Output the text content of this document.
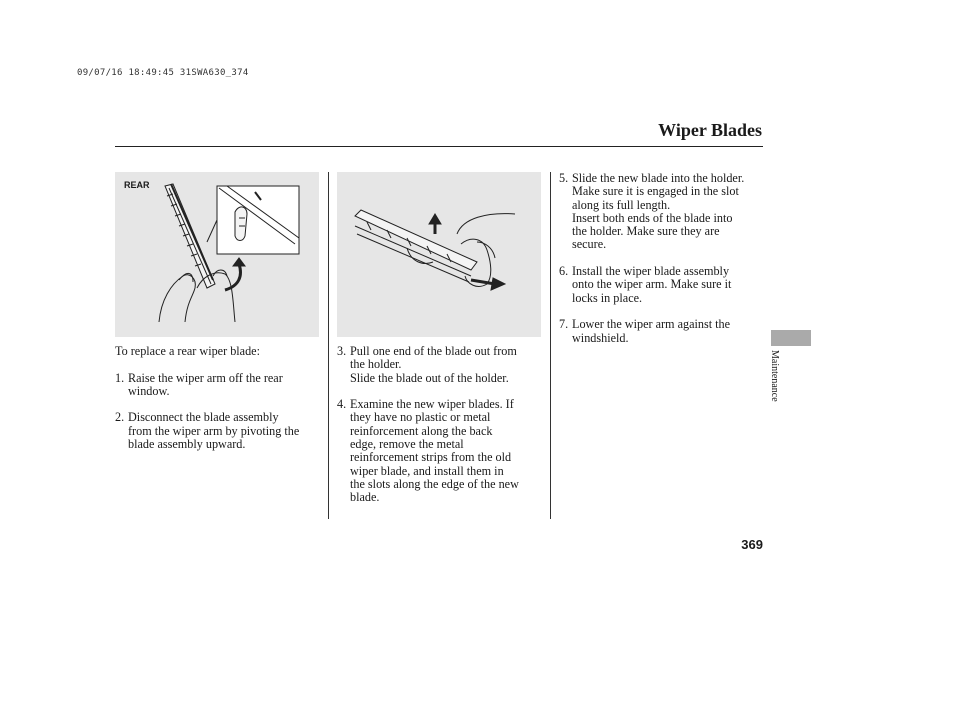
09/07/16 18:49:45 31SWA630_374
Wiper Blades
REAR

To replace a rear wiper blade:

1. Raise the wiper arm off the rear
window.
2. Disconnect the blade assembly
from the wiper arm by pivoting the
blade assembly upward.
3. Pull one end of the blade out from
the holder.
Slide the blade out of the holder.
4. Examine the new wiper blades. If
they have no plastic or metal
reinforcement along the back
edge, remove the metal
reinforcement strips from the old
wiper blade, and install them in
the slots along the edge of the new
blade.
5. Slide the new blade into the holder.
Make sure it is engaged in the slot
along its full length.
Insert both ends of the blade into
the holder. Make sure they are
secure.
6. Install the wiper blade assembly
onto the wiper arm. Make sure it
locks in place.
7. Lower the wiper arm against the
windshield.
Maintenance
369
